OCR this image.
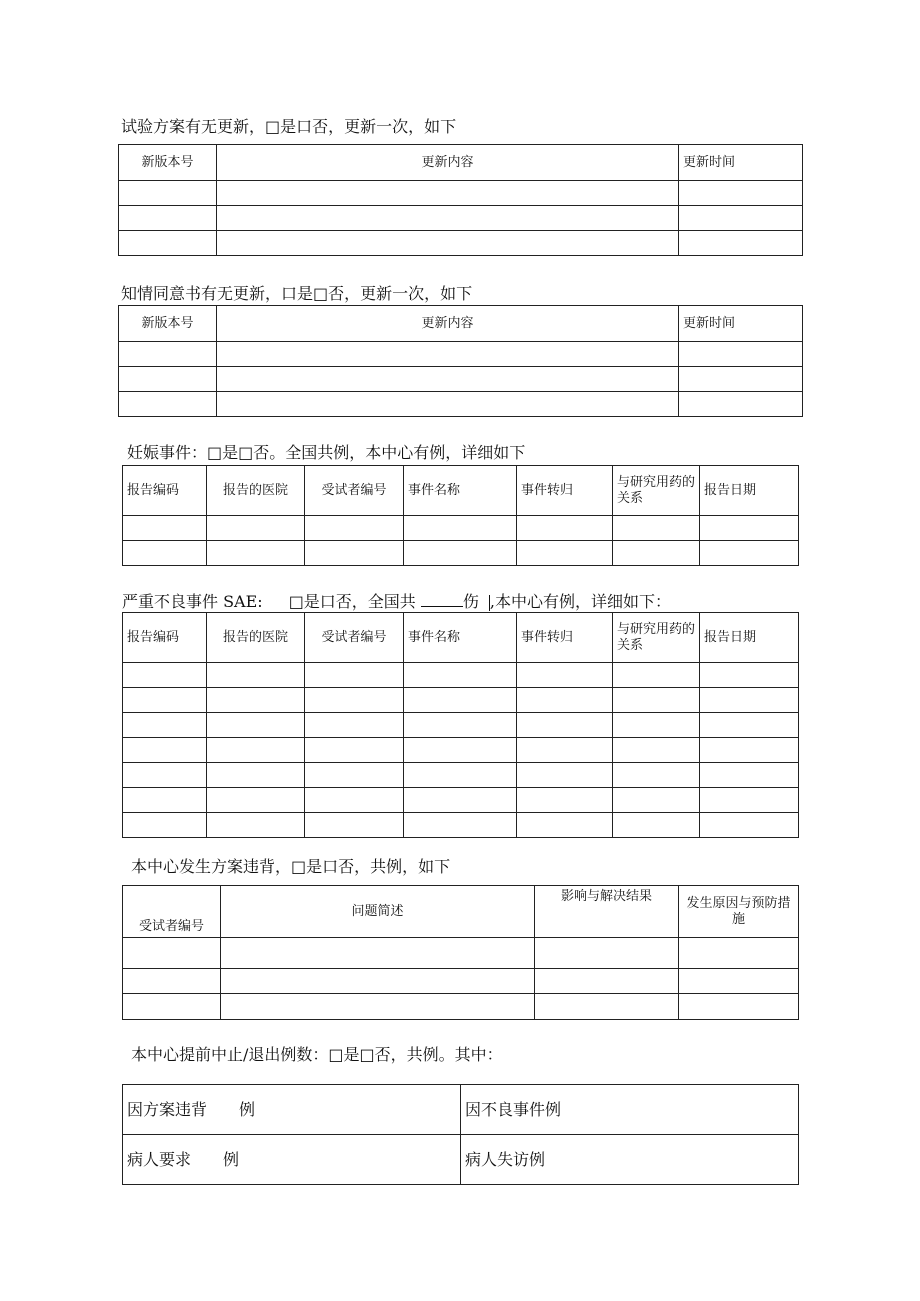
试验方案有无更新，□是口否，更新一次，如下
新版本号	更新内容	更新时间

知情同意书有无更新，口是□否，更新一次，如下
新版本号	更新内容	更新时间

妊娠事件：□是□否。全国共例，本中心有例，详细如下
报告编码	报告的医院	受试者编号	事件名称	事件转归	与研究用药的关系	报告日期

严重不良事件 SAE: □是口否，全国共	伤 ,本中心有例，详细如下：
报告编码	报告的医院	受试者编号	事件名称	事件转归	与研究用药的关系	报告日期

本中心发生方案违背，□是口否，共例，如下
受试者编号	问题简述	影响与解决结果	发生原因与预防措施

本中心提前中止/退出例数：□是□否，共例。其中：
因方案违背　　例	因不良事件例
病人要求　　例	病人失访例
